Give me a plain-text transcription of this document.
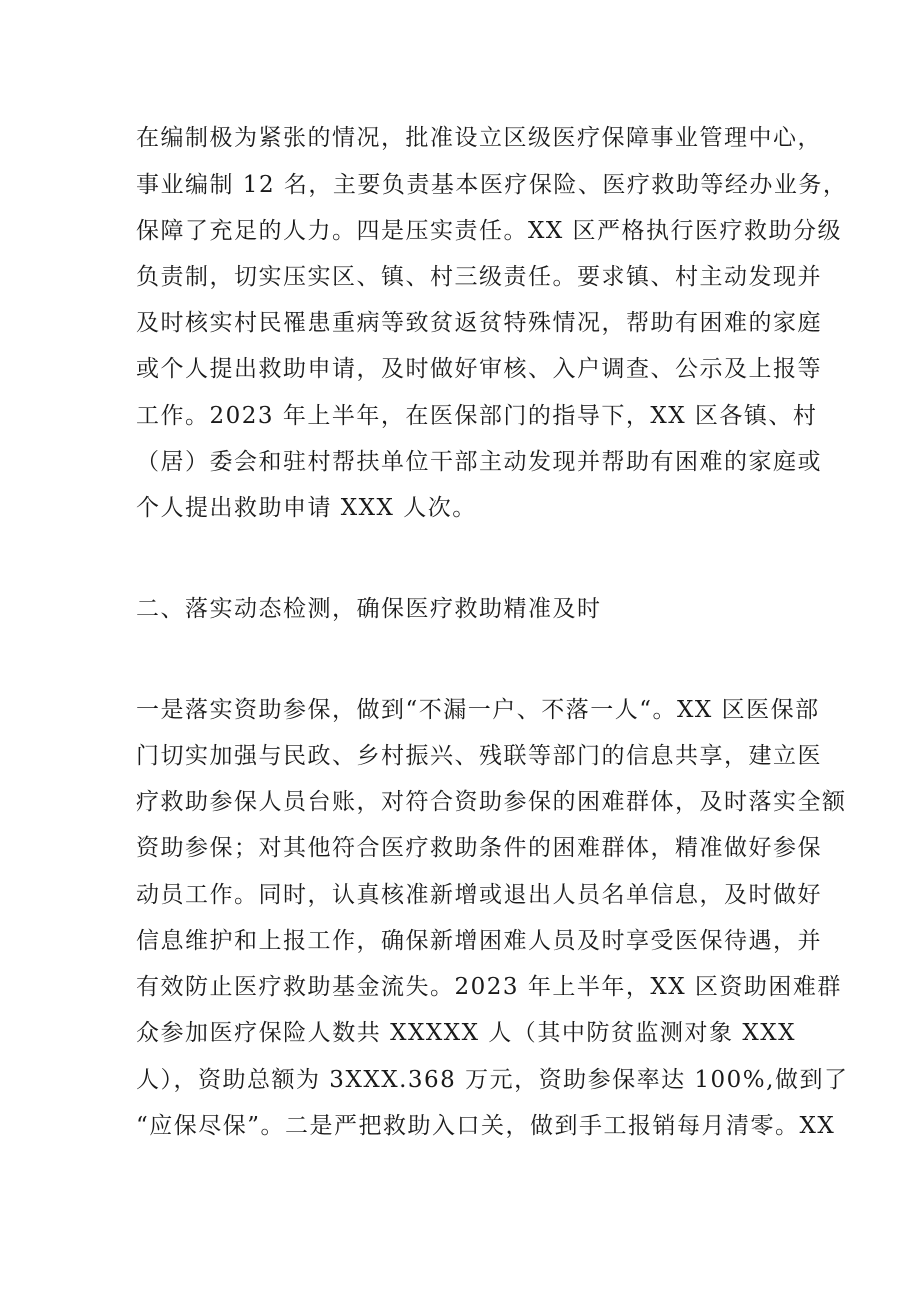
在编制极为紧张的情况，批准设立区级医疗保障事业管理中心，
事业编制 12 名，主要负责基本医疗保险、医疗救助等经办业务，
保障了充足的人力。四是压实责任。XX 区严格执行医疗救助分级
负责制，切实压实区、镇、村三级责任。要求镇、村主动发现并
及时核实村民罹患重病等致贫返贫特殊情况，帮助有困难的家庭
或个人提出救助申请，及时做好审核、入户调查、公示及上报等
工作。2023 年上半年，在医保部门的指导下，XX 区各镇、村
（居）委会和驻村帮扶单位干部主动发现并帮助有困难的家庭或
个人提出救助申请 XXX 人次。
二、落实动态检测，确保医疗救助精准及时
一是落实资助参保，做到“不漏一户、不落一人“。XX 区医保部
门切实加强与民政、乡村振兴、残联等部门的信息共享，建立医
疗救助参保人员台账，对符合资助参保的困难群体，及时落实全额
资助参保；对其他符合医疗救助条件的困难群体，精准做好参保
动员工作。同时，认真核准新增或退出人员名单信息，及时做好
信息维护和上报工作，确保新增困难人员及时享受医保待遇，并
有效防止医疗救助基金流失。2023 年上半年，XX 区资助困难群
众参加医疗保险人数共 XXXXX 人（其中防贫监测对象 XXX
人），资助总额为 3XXX.368 万元，资助参保率达 100%,做到了
“应保尽保”。二是严把救助入口关，做到手工报销每月清零。XX
